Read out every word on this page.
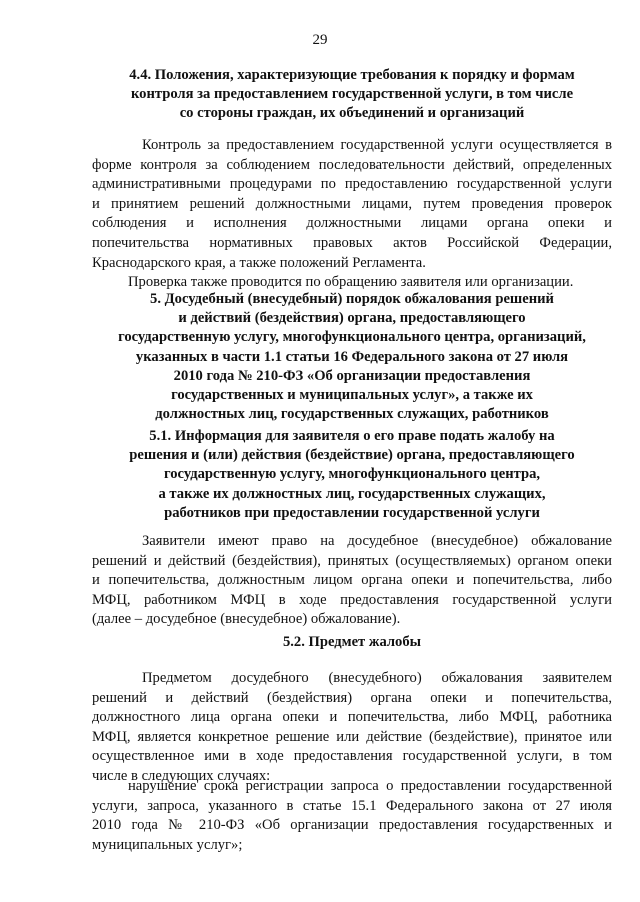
29
4.4. Положения, характеризующие требования к порядку и формам
контроля за предоставлением государственной услуги, в том числе
со стороны граждан, их объединений и организаций
Контроль за предоставлением государственной услуги осуществляется в
форме контроля за соблюдением последовательности действий, определенных
административными процедурами по предоставлению государственной услуги
и принятием решений должностными лицами, путем проведения проверок
соблюдения и исполнения должностными лицами органа опеки и
попечительства нормативных правовых актов Российской Федерации,
Краснодарского края, а также положений Регламента.
Проверка также проводится по обращению заявителя или организации.
5. Досудебный (внесудебный) порядок обжалования решений
и действий (бездействия) органа, предоставляющего
государственную услугу, многофункционального центра, организаций,
указанных в части 1.1 статьи 16 Федерального закона от 27 июля
2010 года № 210-ФЗ «Об организации предоставления
государственных и муниципальных услуг», а также их
должностных лиц, государственных служащих, работников
5.1. Информация для заявителя о его праве подать жалобу на
решения и (или) действия (бездействие) органа, предоставляющего
государственную услугу, многофункционального центра,
а также их должностных лиц, государственных служащих,
работников при предоставлении государственной услуги
Заявители имеют право на досудебное (внесудебное) обжалование
решений и действий (бездействия), принятых (осуществляемых) органом опеки
и попечительства, должностным лицом органа опеки и попечительства, либо
МФЦ, работником МФЦ в ходе предоставления государственной услуги
(далее – досудебное (внесудебное) обжалование).
5.2. Предмет жалобы
Предметом досудебного (внесудебного) обжалования заявителем
решений и действий (бездействия) органа опеки и попечительства,
должностного лица органа опеки и попечительства, либо МФЦ, работника
МФЦ, является конкретное решение или действие (бездействие), принятое или
осуществленное ими в ходе предоставления государственной услуги, в том
числе в следующих случаях:
нарушение срока регистрации запроса о предоставлении государственной
услуги, запроса, указанного в статье 15.1 Федерального закона от 27 июля
2010 года № 210-ФЗ «Об организации предоставления государственных и
муниципальных услуг»;
